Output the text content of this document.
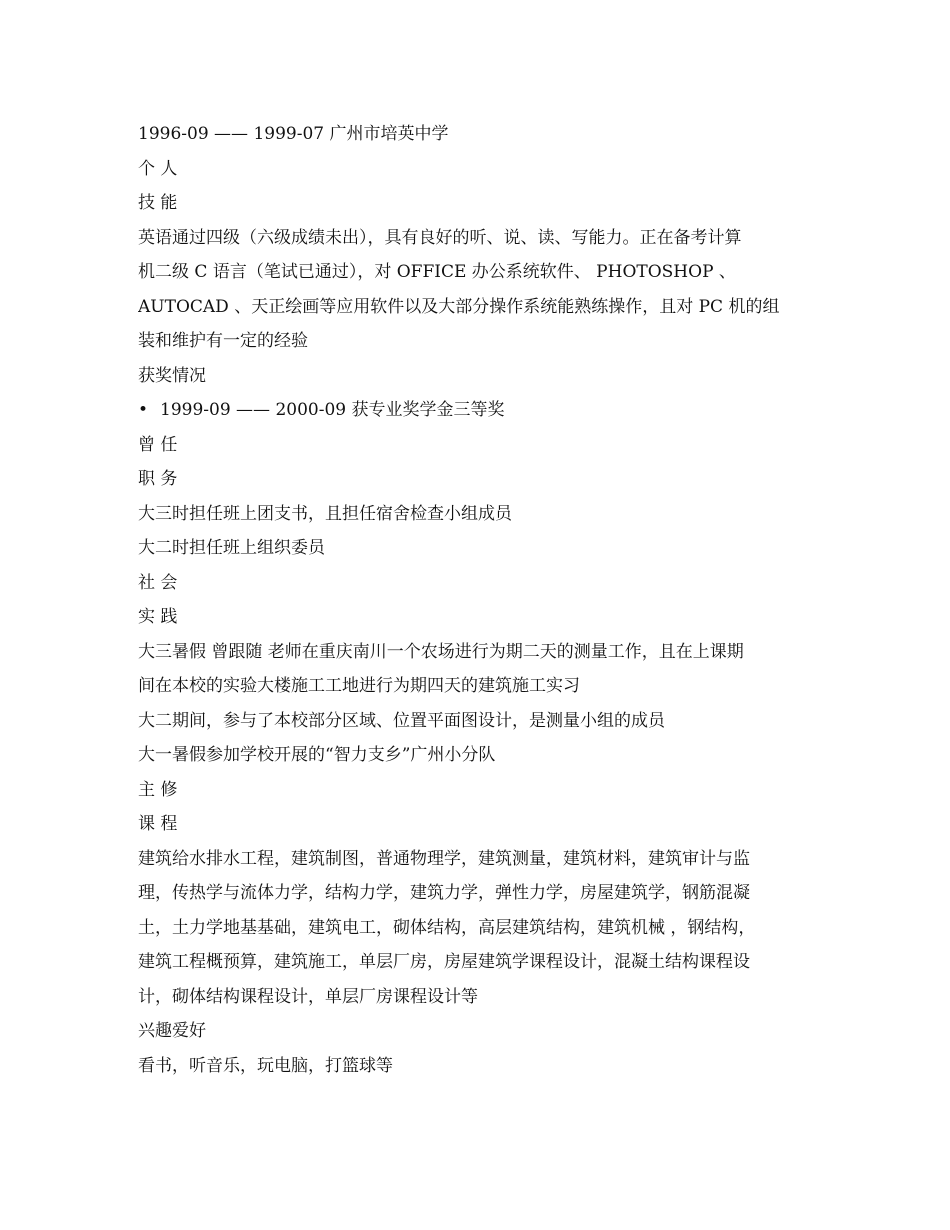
1996-09 —— 1999-07 广州市培英中学
个 人
技 能
英语通过四级（六级成绩未出），具有良好的听、说、读、写能力。正在备考计算
机二级 C 语言（笔试已通过），对 OFFICE 办公系统软件、 PHOTOSHOP 、
AUTOCAD 、天正绘画等应用软件以及大部分操作系统能熟练操作，且对 PC 机的组
装和维护有一定的经验
获奖情况
• 1999-09 —— 2000-09 获专业奖学金三等奖
曾 任
职 务
大三时担任班上团支书，且担任宿舍检查小组成员
大二时担任班上组织委员
社 会
实 践
大三暑假 曾跟随 老师在重庆南川一个农场进行为期二天的测量工作，且在上课期
间在本校的实验大楼施工工地进行为期四天的建筑施工实习
大二期间，参与了本校部分区域、位置平面图设计，是测量小组的成员
大一暑假参加学校开展的“智力支乡”广州小分队
主 修
课 程
建筑给水排水工程，建筑制图，普通物理学，建筑测量，建筑材料，建筑审计与监
理，传热学与流体力学，结构力学，建筑力学，弹性力学，房屋建筑学，钢筋混凝
土，土力学地基基础，建筑电工，砌体结构，高层建筑结构，建筑机械 ，钢结构，
建筑工程概预算，建筑施工，单层厂房，房屋建筑学课程设计，混凝土结构课程设
计，砌体结构课程设计，单层厂房课程设计等
兴趣爱好
看书，听音乐，玩电脑，打篮球等
